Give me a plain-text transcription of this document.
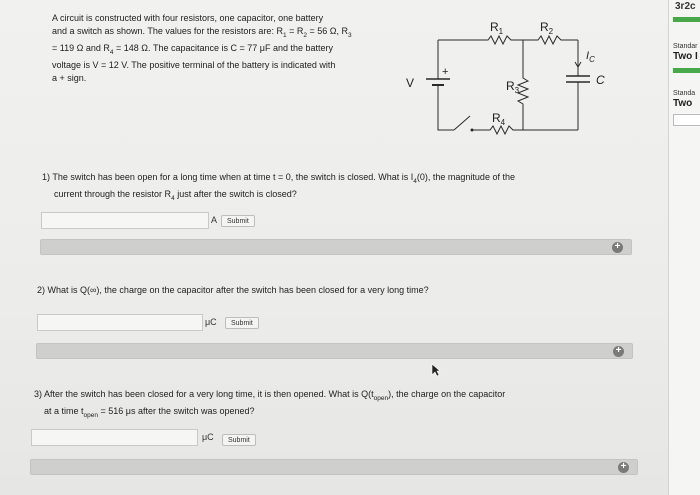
3r2c
Standar
Two I
Standa
Two
A circuit is constructed with four resistors, one capacitor, one battery
and a switch as shown. The values for the resistors are: $R_1 = R_2 = 56$ Ω, $R_3$
= 119 Ω and $R_4 = 148$ Ω. The capacitance is C = 77 μF and the battery
voltage is V = 12 V. The positive terminal of the battery is indicated with
a + sign.
$R_1$	$R_2$
$R_3$
$R_4$
V
+
$I_C$
C
1) The switch has been open for a long time when at time t = 0, the switch is closed. What is $I_4(0)$, the magnitude of the
current through the resistor $R_4$ just after the switch is closed?
A	Submit
+
2) What is Q(∞), the charge on the capacitor after the switch has been closed for a very long time?
μC	Submit
+
3) After the switch has been closed for a very long time, it is then opened. What is $Q(t_{open})$, the charge on the capacitor
at a time $t_{open} = 516$ μs after the switch was opened?
μC	Submit
+
